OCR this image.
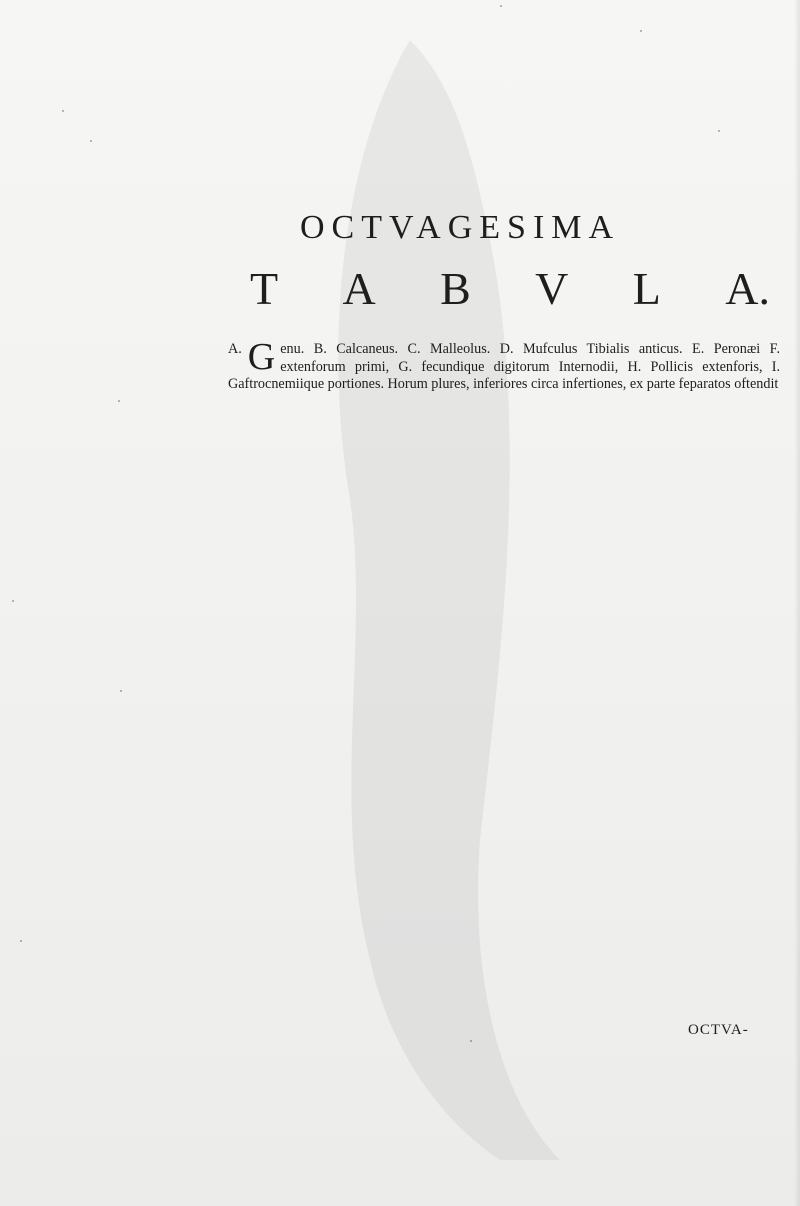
OCTVAGESIMA
T A B V L A.
A. G enu. B. Calcaneus. C. Malleolus. D. Mufculus Tibialis anticus. E. Peronæi F. extenforum primi, G. fecundique digitorum Internodii, H. Pollicis extenforis, I. Gaftrocnemiique portiones. Horum plures, inferiores circa infertiones, ex parte feparatos oftendit
OCTVA-
